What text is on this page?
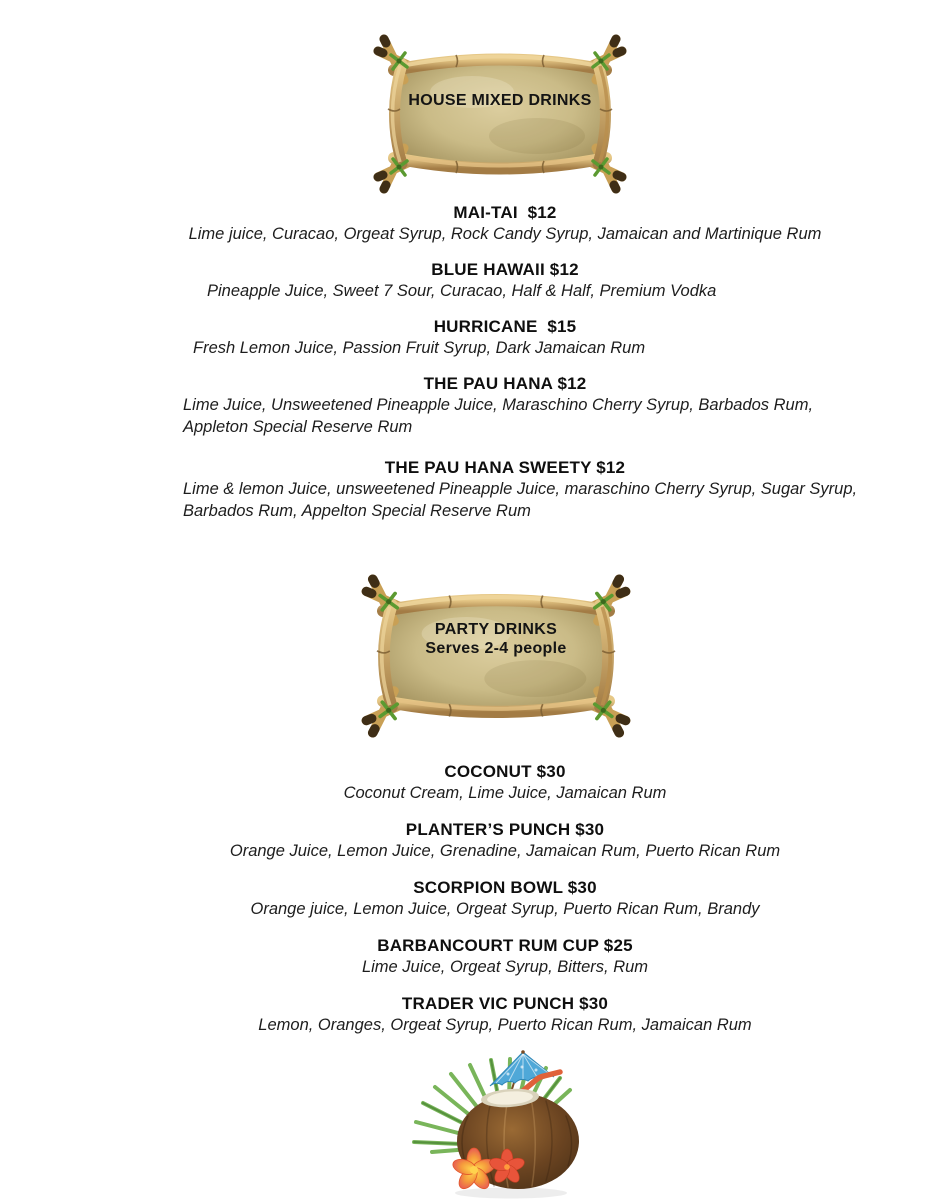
HOUSE MIXED DRINKS
MAI-TAI  $12
Lime juice, Curacao, Orgeat Syrup, Rock Candy Syrup, Jamaican and Martinique Rum
BLUE HAWAII $12
Pineapple Juice, Sweet 7 Sour, Curacao, Half & Half, Premium Vodka
HURRICANE  $15
Fresh Lemon Juice, Passion Fruit Syrup, Dark Jamaican Rum
THE PAU HANA $12
Lime Juice, Unsweetened Pineapple Juice, Maraschino Cherry Syrup, Barbados Rum,
Appleton Special Reserve Rum
THE PAU HANA SWEETY $12
Lime & lemon Juice, unsweetened Pineapple Juice, maraschino Cherry Syrup, Sugar Syrup,
Barbados Rum, Appelton Special Reserve Rum
PARTY DRINKS
Serves 2-4 people
COCONUT $30
Coconut Cream, Lime Juice, Jamaican Rum
PLANTER’S PUNCH $30
Orange Juice, Lemon Juice, Grenadine, Jamaican Rum, Puerto Rican Rum
SCORPION BOWL $30
Orange juice, Lemon Juice, Orgeat Syrup, Puerto Rican Rum, Brandy
BARBANCOURT RUM CUP $25
Lime Juice, Orgeat Syrup, Bitters, Rum
TRADER VIC PUNCH $30
Lemon, Oranges, Orgeat Syrup, Puerto Rican Rum, Jamaican Rum
